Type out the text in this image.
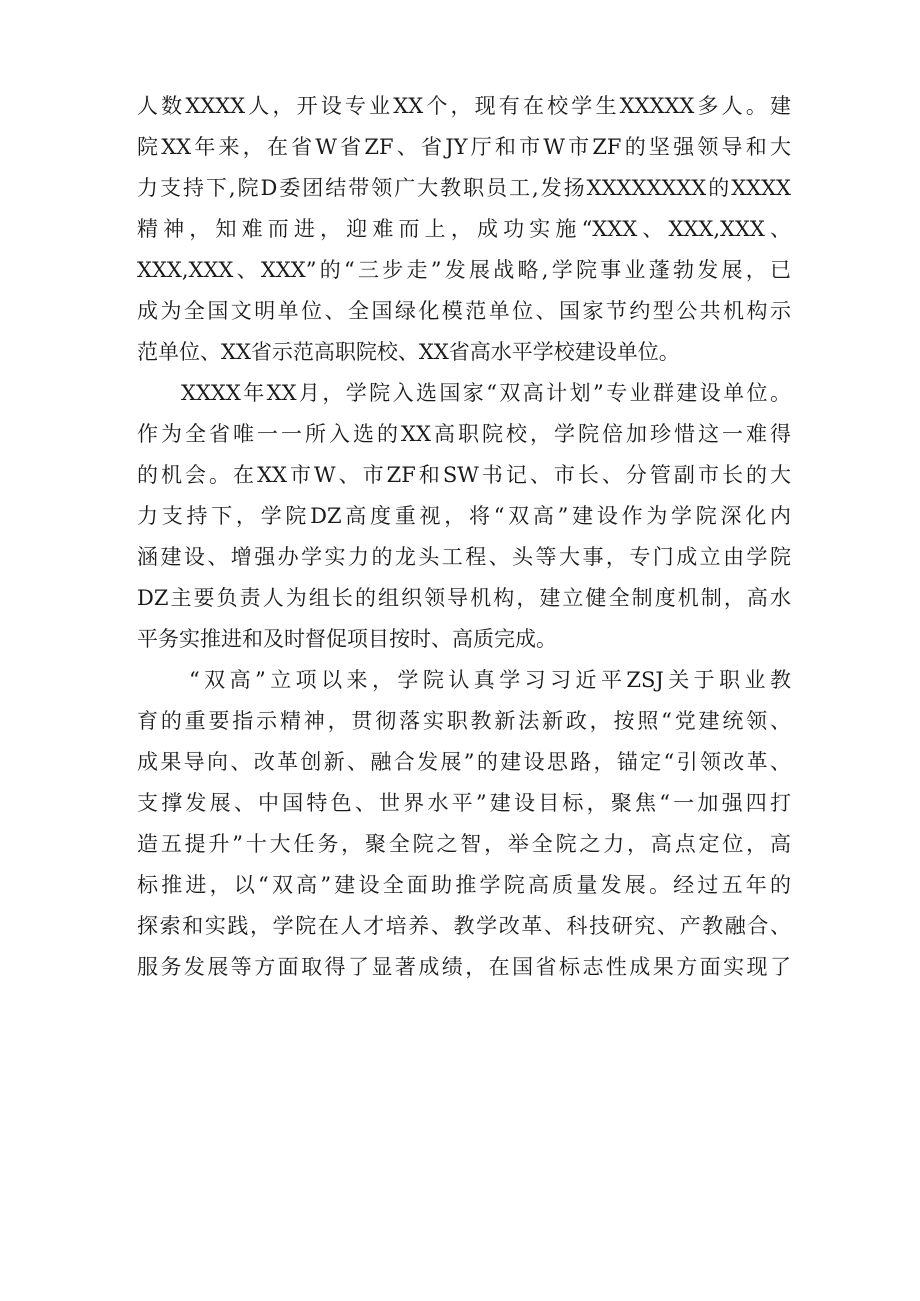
人数XXXX人，开设专业XX个，现有在校学生XXXXX多人。建
院XX年来，在省W省ZF、省JY厅和市W市ZF的坚强领导和大
力支持下,院D委团结带领广大教职员工,发扬XXXXXXXX的XXXX
精神，知难而进，迎难而上，成功实施“XXX、XXX,XXX、
XXX,XXX、XXX”的“三步走”发展战略,学院事业蓬勃发展，已
成为全国文明单位、全国绿化模范单位、国家节约型公共机构示
范单位、XX省示范高职院校、XX省高水平学校建设单位。

XXXX年XX月，学院入选国家“双高计划”专业群建设单位。
作为全省唯一一所入选的XX高职院校，学院倍加珍惜这一难得
的机会。在XX市W、市ZF和SW书记、市长、分管副市长的大
力支持下，学院DZ高度重视，将“双高”建设作为学院深化内
涵建设、增强办学实力的龙头工程、头等大事，专门成立由学院
DZ主要负责人为组长的组织领导机构，建立健全制度机制，高水
平务实推进和及时督促项目按时、高质完成。

“双高”立项以来，学院认真学习习近平ZSJ关于职业教
育的重要指示精神，贯彻落实职教新法新政，按照“党建统领、
成果导向、改革创新、融合发展”的建设思路，锚定“引领改革、
支撑发展、中国特色、世界水平”建设目标，聚焦“一加强四打
造五提升”十大任务，聚全院之智，举全院之力，高点定位，高
标推进，以“双高”建设全面助推学院高质量发展。经过五年的
探索和实践，学院在人才培养、教学改革、科技研究、产教融合、
服务发展等方面取得了显著成绩，在国省标志性成果方面实现了
